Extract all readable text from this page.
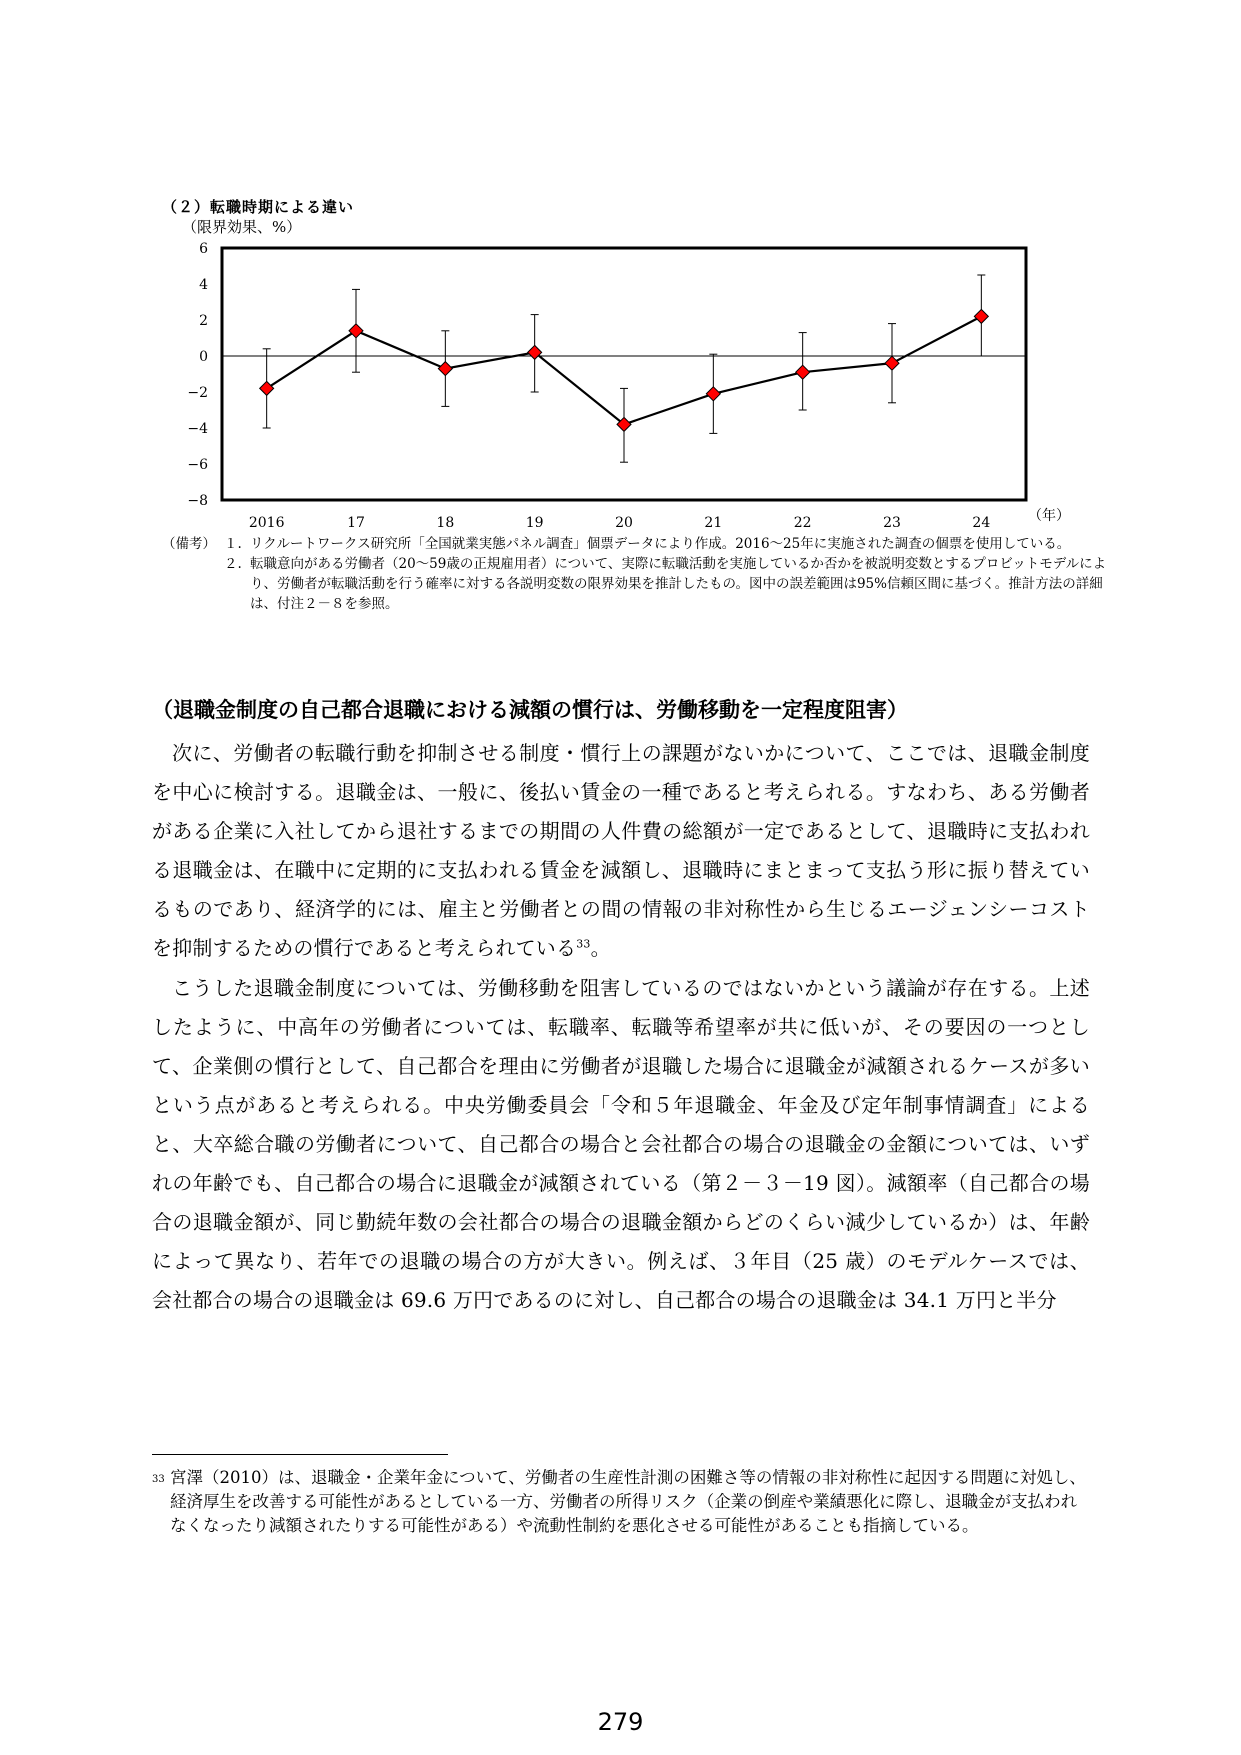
（２）転職時期による違い
6
4
2
0
−2
−4
−6
−8
（限界効果、%）
2016	17	18	19	20	21	22	23	24	（年）
（備考） １. リクルートワークス研究所「全国就業実態パネル調査」個票データにより作成。2016～25年に実施された調査の個票を使用している。
２. 転職意向がある労働者（20～59歳の正規雇用者）について、実際に転職活動を実施しているか否かを被説明変数とするプロビットモデルにより、労働者が転職活動を行う確率に対する各説明変数の限界効果を推計したもの。図中の誤差範囲は95%信頼区間に基づく。推計方法の詳細は、付注２－８を参照。
（退職金制度の自己都合退職における減額の慣行は、労働移動を一定程度阻害）

次に、労働者の転職行動を抑制させる制度・慣行上の課題がないかについて、ここでは、退職金制度を中心に検討する。退職金は、一般に、後払い賃金の一種であると考えられる。すなわち、ある労働者がある企業に入社してから退社するまでの期間の人件費の総額が一定であるとして、退職時に支払われる退職金は、在職中に定期的に支払われる賃金を減額し、退職時にまとまって支払う形に振り替えているものであり、経済学的には、雇主と労働者との間の情報の非対称性から生じるエージェンシーコストを抑制するための慣行であると考えられている$^{33}$。

こうした退職金制度については、労働移動を阻害しているのではないかという議論が存在する。上述したように、中高年の労働者については、転職率、転職等希望率が共に低いが、その要因の一つとして、企業側の慣行として、自己都合を理由に労働者が退職した場合に退職金が減額されるケースが多いという点があると考えられる。中央労働委員会「令和５年退職金、年金及び定年制事情調査」によると、大卒総合職の労働者について、自己都合の場合と会社都合の場合の退職金の金額については、いずれの年齢でも、自己都合の場合に退職金が減額されている（第２－３－19 図）。減額率（自己都合の場合の退職金額が、同じ勤続年数の会社都合の場合の退職金額からどのくらい減少しているか）は、年齢によって異なり、若年での退職の場合の方が大きい。例えば、３年目（25 歳）のモデルケースでは、会社都合の場合の退職金は 69.6 万円であるのに対し、自己都合の場合の退職金は 34.1 万円と半分

33 宮澤（2010）は、退職金・企業年金について、労働者の生産性計測の困難さ等の情報の非対称性に起因する問題に対処し、経済厚生を改善する可能性があるとしている一方、労働者の所得リスク（企業の倒産や業績悪化に際し、退職金が支払われなくなったり減額されたりする可能性がある）や流動性制約を悪化させる可能性があることも指摘している。
279
